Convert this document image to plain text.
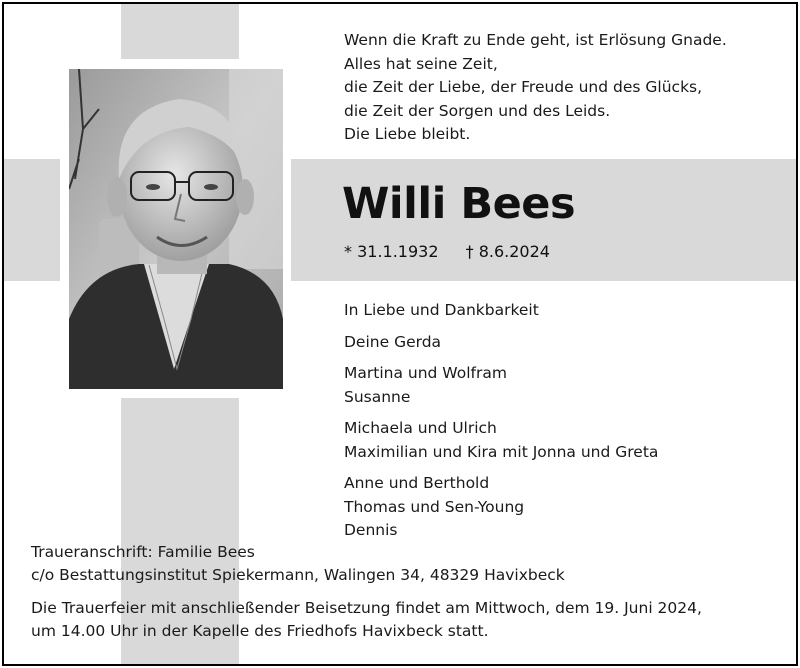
Wenn die Kraft zu Ende geht, ist Erlösung Gnade.
Alles hat seine Zeit,
die Zeit der Liebe, der Freude und des Glücks,
die Zeit der Sorgen und des Leids.
Die Liebe bleibt.
Willi Bees
* 31.1.1932 † 8.6.2024
In Liebe und Dankbarkeit
Deine Gerda
Martina und Wolfram
Susanne
Michaela und Ulrich
Maximilian und Kira mit Jonna und Greta
Anne und Berthold
Thomas und Sen-Young
Dennis
Traueranschrift: Familie Bees
c/o Bestattungsinstitut Spiekermann, Walingen 34, 48329 Havixbeck
Die Trauerfeier mit anschließender Beisetzung findet am Mittwoch, dem 19. Juni 2024,
um 14.00 Uhr in der Kapelle des Friedhofs Havixbeck statt.
